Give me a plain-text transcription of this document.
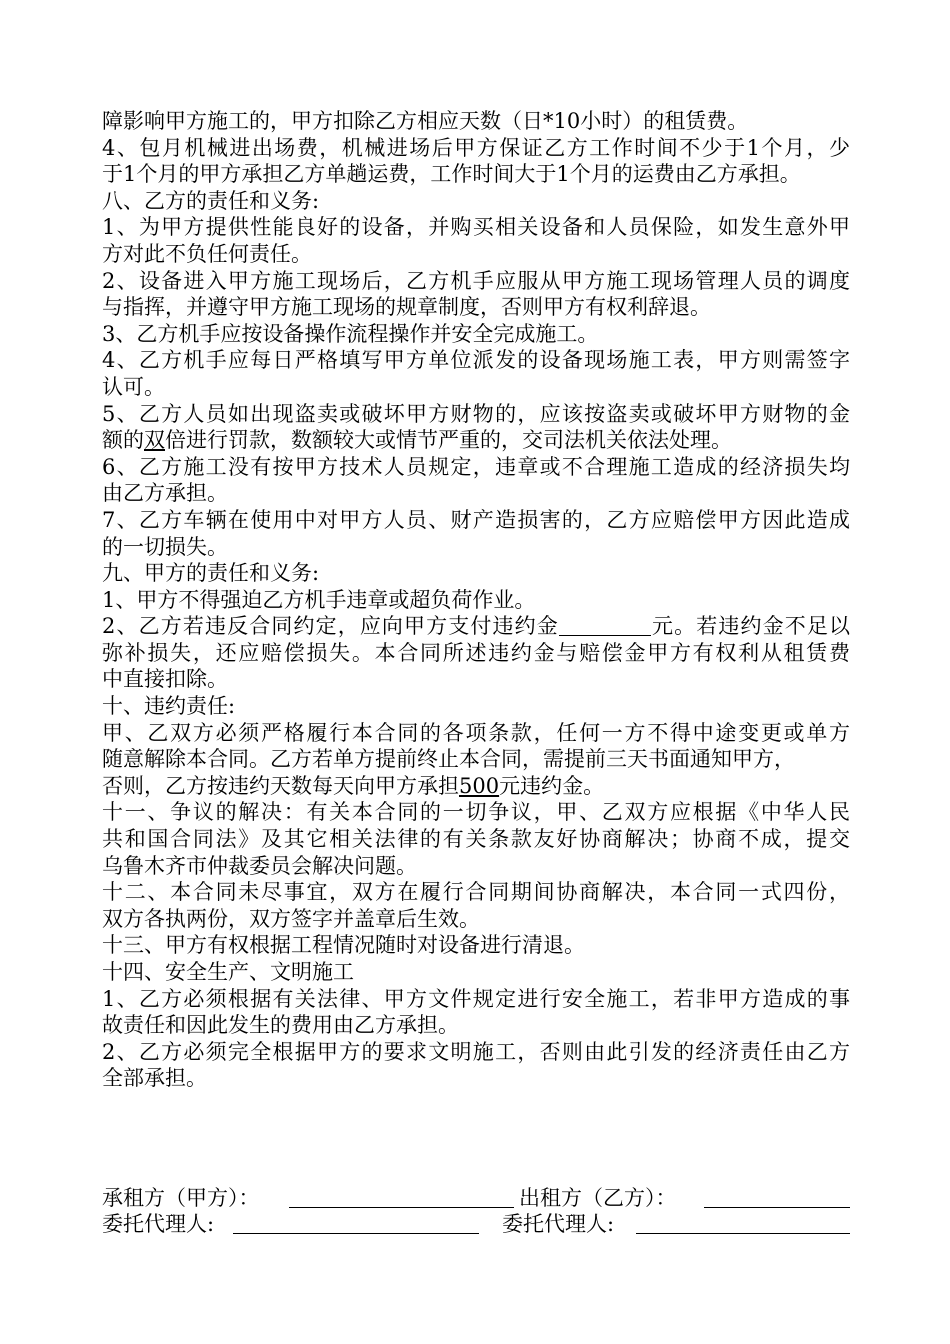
障影响甲方施工的，甲方扣除乙方相应天数（日*10小时）的租赁费。
4、包月机械进出场费，机械进场后甲方保证乙方工作时间不少于1个月，少
于1个月的甲方承担乙方单趟运费，工作时间大于1个月的运费由乙方承担。
八、乙方的责任和义务:
1、为甲方提供性能良好的设备，并购买相关设备和人员保险，如发生意外甲
方对此不负任何责任。
2、设备进入甲方施工现场后，乙方机手应服从甲方施工现场管理人员的调度
与指挥，并遵守甲方施工现场的规章制度，否则甲方有权利辞退。
3、乙方机手应按设备操作流程操作并安全完成施工。
4、乙方机手应每日严格填写甲方单位派发的设备现场施工表，甲方则需签字
认可。
5、乙方人员如出现盗卖或破坏甲方财物的，应该按盗卖或破坏甲方财物的金
额的双倍进行罚款，数额较大或情节严重的，交司法机关依法处理。
6、乙方施工没有按甲方技术人员规定，违章或不合理施工造成的经济损失均
由乙方承担。
7、乙方车辆在使用中对甲方人员、财产造损害的，乙方应赔偿甲方因此造成
的一切损失。
九、甲方的责任和义务:
1、甲方不得强迫乙方机手违章或超负荷作业。
2、乙方若违反合同约定，应向甲方支付违约金	元。若违约金不足以
弥补损失，还应赔偿损失。本合同所述违约金与赔偿金甲方有权利从租赁费
中直接扣除。
十、违约责任:
甲、乙双方必须严格履行本合同的各项条款，任何一方不得中途变更或单方
随意解除本合同。乙方若单方提前终止本合同，需提前三天书面通知甲方，
否则，乙方按违约天数每天向甲方承担500元违约金。
十一、争议的解决：有关本合同的一切争议，甲、乙双方应根据《中华人民
共和国合同法》及其它相关法律的有关条款友好协商解决；协商不成，提交
乌鲁木齐市仲裁委员会解决问题。
十二、本合同未尽事宜，双方在履行合同期间协商解决，本合同一式四份，
双方各执两份，双方签字并盖章后生效。
十三、甲方有权根据工程情况随时对设备进行清退。
十四、安全生产、文明施工
1、乙方必须根据有关法律、甲方文件规定进行安全施工，若非甲方造成的事
故责任和因此发生的费用由乙方承担。
2、乙方必须完全根据甲方的要求文明施工，否则由此引发的经济责任由乙方
全部承担。
承租方（甲方）：	出租方（乙方）：
委托代理人:	委托代理人:
